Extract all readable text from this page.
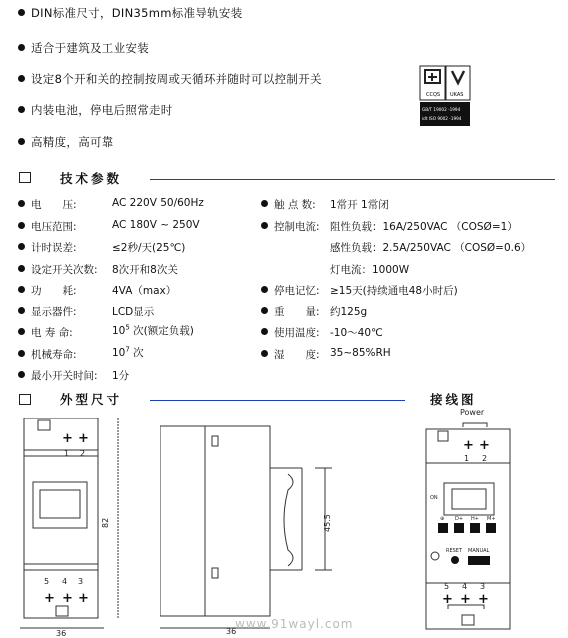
DIN标准尺寸，DIN35mm标准导轨安装
适合于建筑及工业安装
设定8个开和关的控制按周或天循环并随时可以控制开关
内装电池，停电后照常走时
高精度，高可靠
CCQS UKAS
GB/T 19002 -1994
idt ISO 9002 -1994
技术参数
电　　压:	AC 220V 50/60Hz
电压范围:	AC 180V ~ 250V
计时误差:	≤2秒/天(25℃)
设定开关次数: 8次开和8次关
功　　耗:	4VA（max）
显示器件:	LCD显示
电 寿 命:	$10^5$ 次(额定负载)
机械寿命:	$10^7$ 次
最小开关时间: 1分
触 点 数: 1常开 1常闭
控制电流: 阻性负载：16A/250VAC （COSØ=1）
感性负载：2.5A/250VAC （COSØ=0.6）
灯电流：1000W
停电记忆: ≥15天(持续通电48小时后)
重　　量: 约125g
使用温度: -10～40℃
湿　　度: 35~85%RH
外型尺寸	接线图
+ +
+ + +
1 2
5 4 3
82
36
45.5
36
www.91wayl.com
+ +
+ + +
Power
1 2
5 4 3
ON
⊕ D+ H+ M+
RESET MANUAL
